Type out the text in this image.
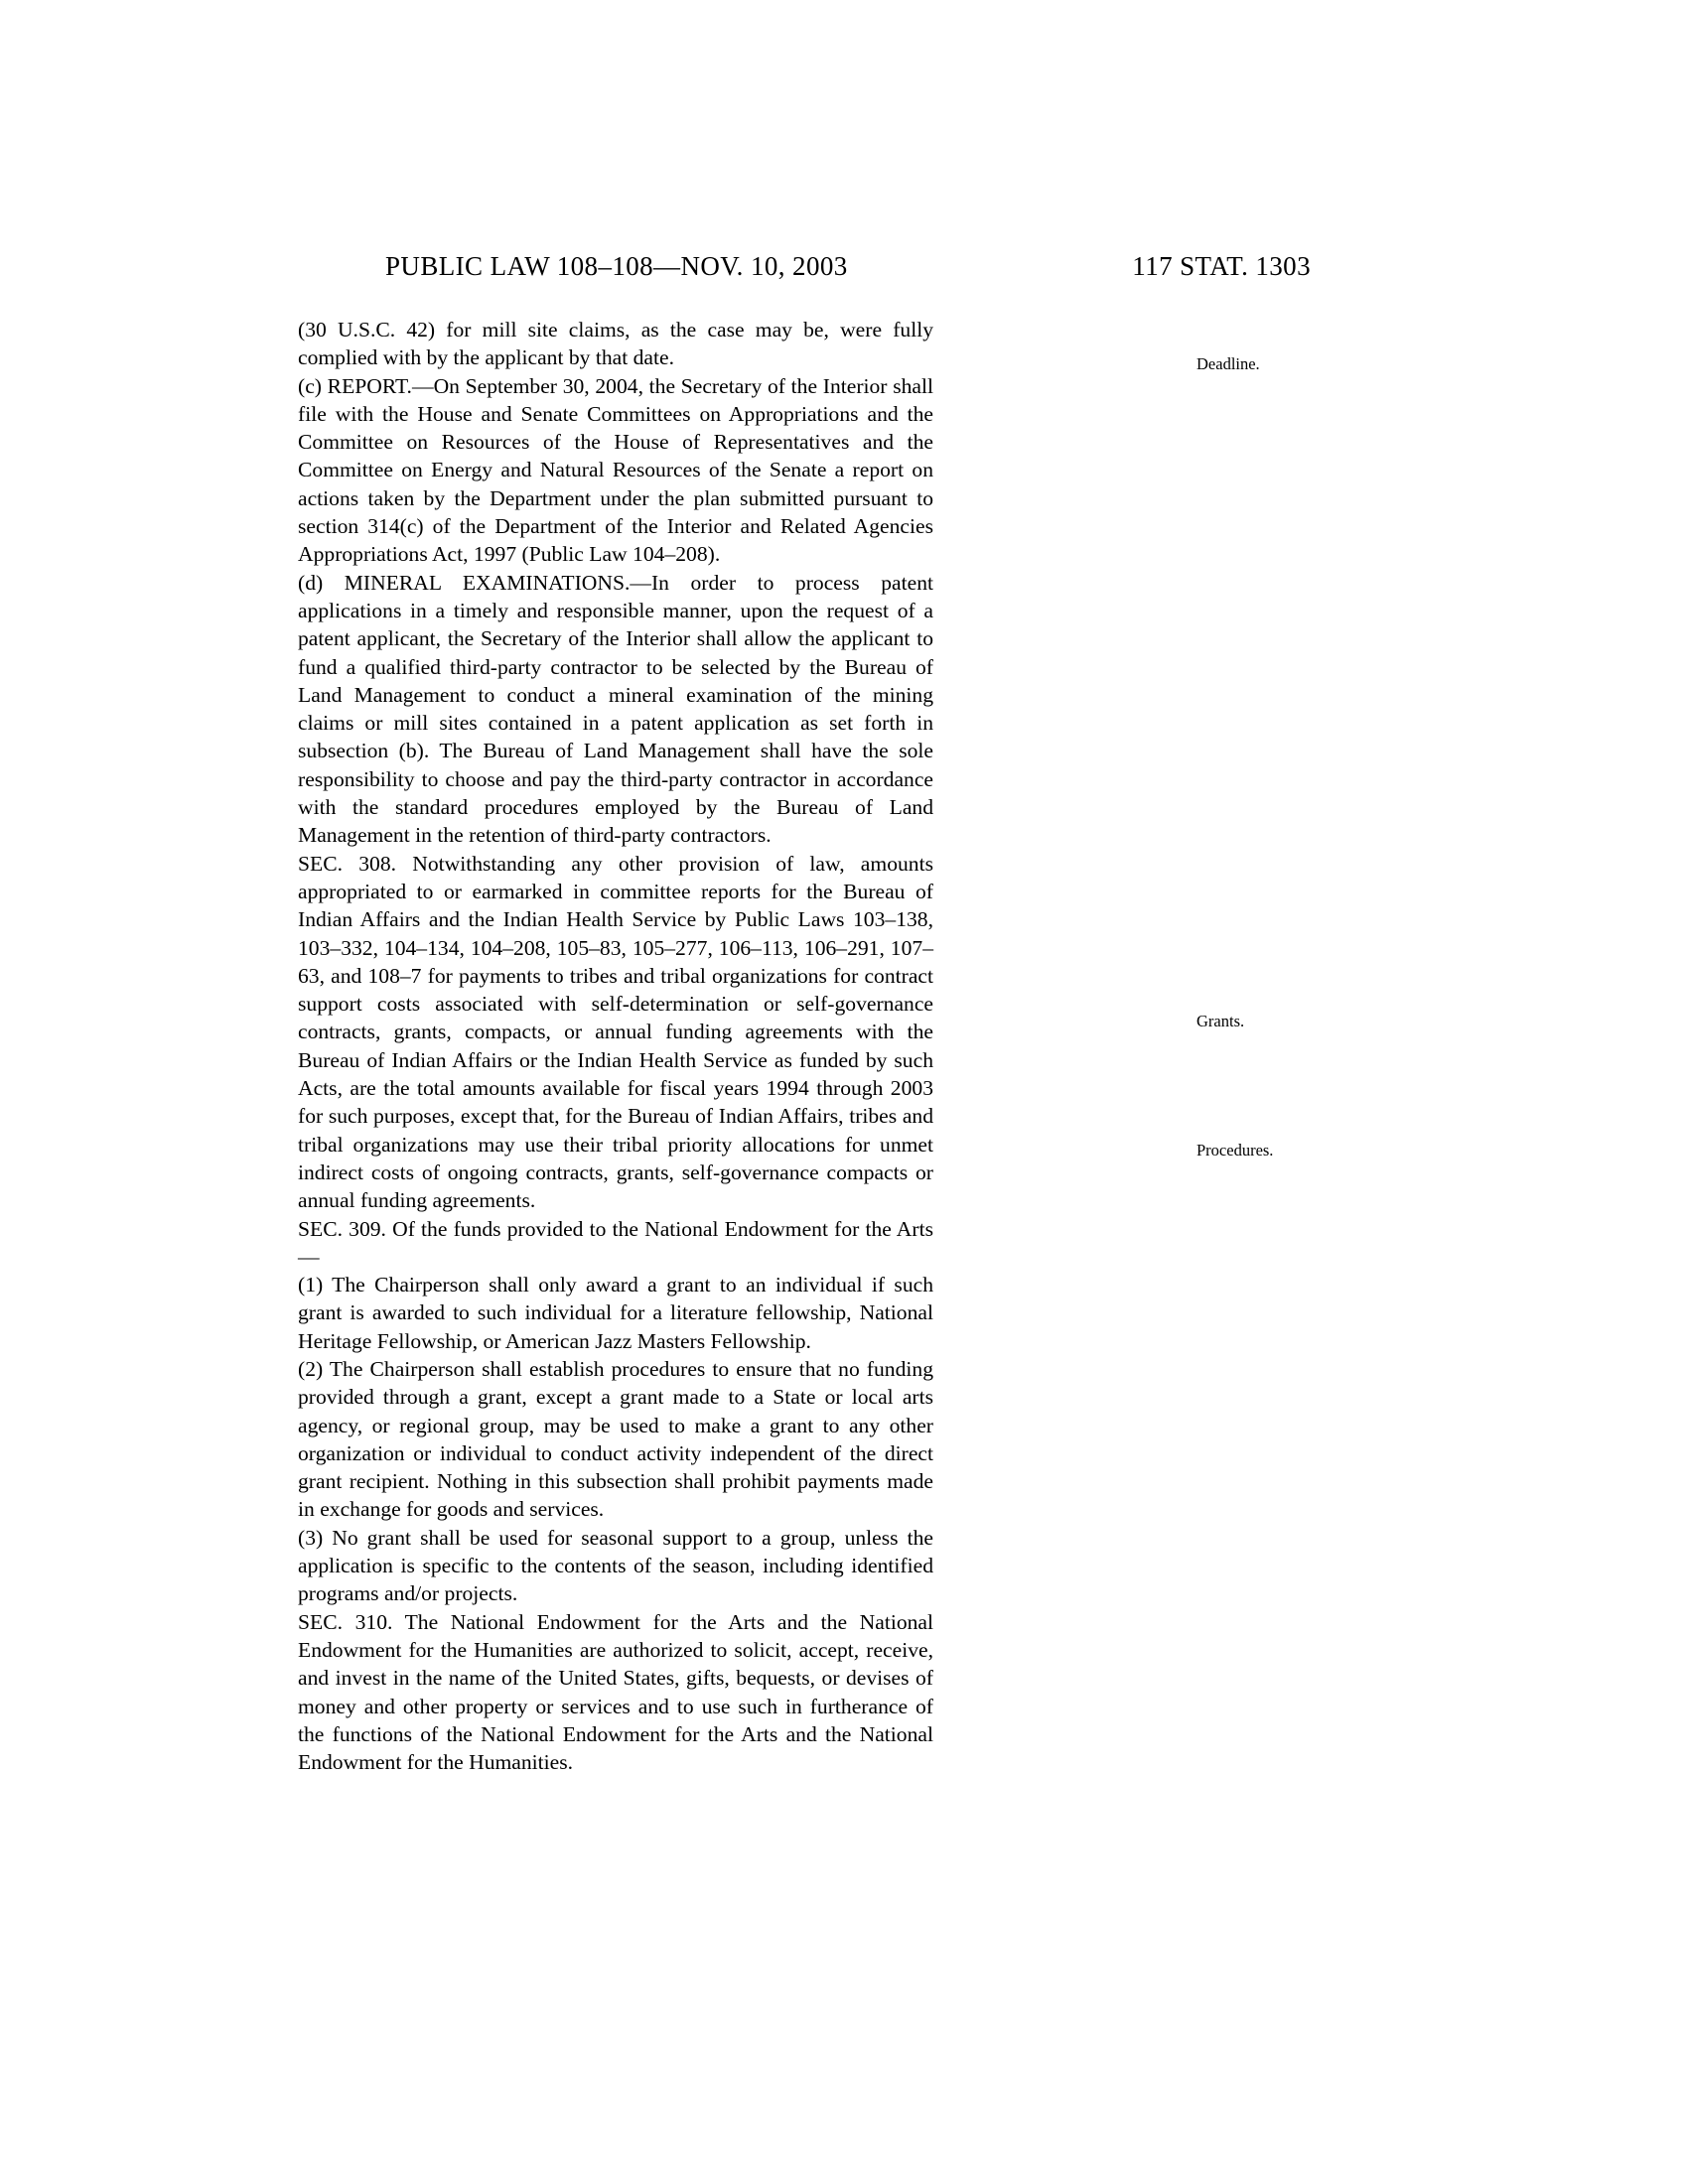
PUBLIC LAW 108–108—NOV. 10, 2003	117 STAT. 1303

(30 U.S.C. 42) for mill site claims, as the case may be, were fully complied with by the applicant by that date.

(c) REPORT.—On September 30, 2004, the Secretary of the Interior shall file with the House and Senate Committees on Appropriations and the Committee on Resources of the House of Representatives and the Committee on Energy and Natural Resources of the Senate a report on actions taken by the Department under the plan submitted pursuant to section 314(c) of the Department of the Interior and Related Agencies Appropriations Act, 1997 (Public Law 104–208).

(d) MINERAL EXAMINATIONS.—In order to process patent applications in a timely and responsible manner, upon the request of a patent applicant, the Secretary of the Interior shall allow the applicant to fund a qualified third-party contractor to be selected by the Bureau of Land Management to conduct a mineral examination of the mining claims or mill sites contained in a patent application as set forth in subsection (b). The Bureau of Land Management shall have the sole responsibility to choose and pay the third-party contractor in accordance with the standard procedures employed by the Bureau of Land Management in the retention of third-party contractors.

SEC. 308. Notwithstanding any other provision of law, amounts appropriated to or earmarked in committee reports for the Bureau of Indian Affairs and the Indian Health Service by Public Laws 103–138, 103–332, 104–134, 104–208, 105–83, 105–277, 106–113, 106–291, 107–63, and 108–7 for payments to tribes and tribal organizations for contract support costs associated with self-determination or self-governance contracts, grants, compacts, or annual funding agreements with the Bureau of Indian Affairs or the Indian Health Service as funded by such Acts, are the total amounts available for fiscal years 1994 through 2003 for such purposes, except that, for the Bureau of Indian Affairs, tribes and tribal organizations may use their tribal priority allocations for unmet indirect costs of ongoing contracts, grants, self-governance compacts or annual funding agreements.

SEC. 309. Of the funds provided to the National Endowment for the Arts—

(1) The Chairperson shall only award a grant to an individual if such grant is awarded to such individual for a literature fellowship, National Heritage Fellowship, or American Jazz Masters Fellowship.

(2) The Chairperson shall establish procedures to ensure that no funding provided through a grant, except a grant made to a State or local arts agency, or regional group, may be used to make a grant to any other organization or individual to conduct activity independent of the direct grant recipient. Nothing in this subsection shall prohibit payments made in exchange for goods and services.

(3) No grant shall be used for seasonal support to a group, unless the application is specific to the contents of the season, including identified programs and/or projects.

SEC. 310. The National Endowment for the Arts and the National Endowment for the Humanities are authorized to solicit, accept, receive, and invest in the name of the United States, gifts, bequests, or devises of money and other property or services and to use such in furtherance of the functions of the National Endowment for the Arts and the National Endowment for the Humanities.

Deadline.
Grants.
Procedures.
